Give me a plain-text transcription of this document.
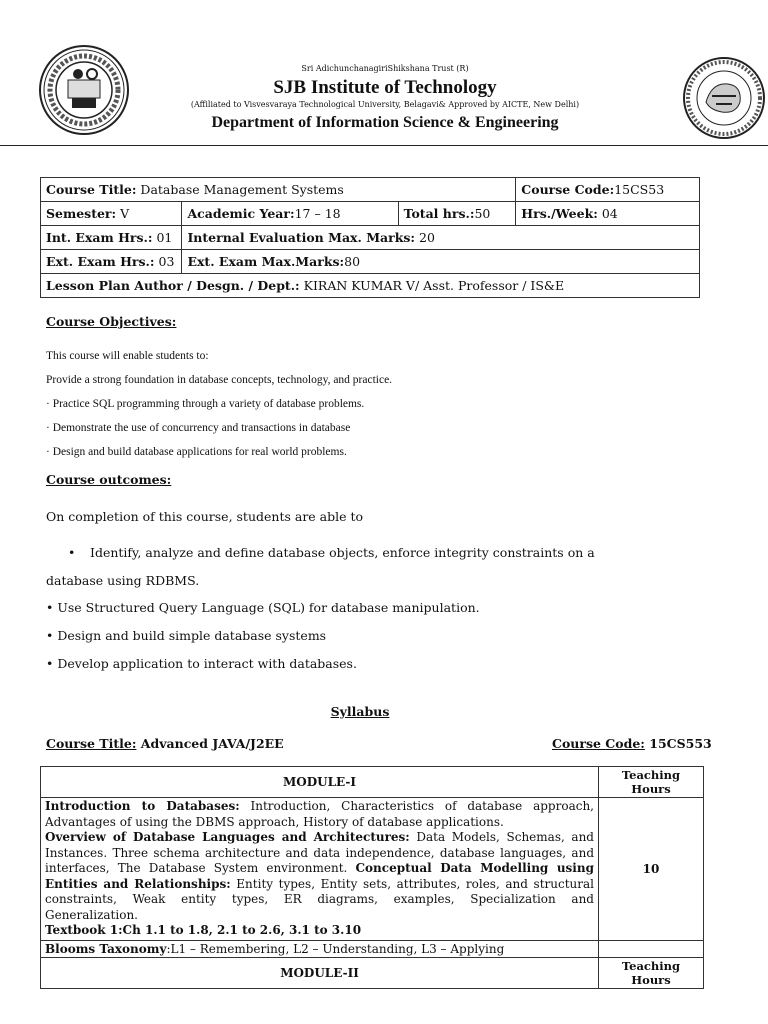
Sri AdichunchanagiriShikshana Trust (R)
SJB Institute of Technology
(Affiliated to Visvesvaraya Technological University, Belagavi& Approved by AICTE, New Delhi)
Department of Information Science & Engineering
Course Title: Database Management Systems			Course Code:15CS53
Semester: V	Academic Year:17 – 18	Total hrs.:50	Hrs./Week: 04
Int. Exam Hrs.: 01	Internal Evaluation Max. Marks: 20		
Ext. Exam Hrs.: 03	Ext. Exam Max.Marks:80		
Lesson Plan Author / Desgn. / Dept.: KIRAN KUMAR V/ Asst. Professor / IS&E			
Course Objectives:
This course will enable students to:
Provide a strong foundation in database concepts, technology, and practice.
· Practice SQL programming through a variety of database problems.
· Demonstrate the use of concurrency and transactions in database
· Design and build database applications for real world problems.
Course outcomes:
On completion of this course, students are able to
• Identify, analyze and define database objects, enforce integrity constraints on a
database using RDBMS.
• Use Structured Query Language (SQL) for database manipulation.
• Design and build simple database systems
• Develop application to interact with databases.
Syllabus
Course Title: Advanced JAVA/J2EE	Course Code: 15CS553
MODULE-I	Teaching Hours
Introduction to Databases: Introduction, Characteristics of database approach, Advantages of using the DBMS approach, History of database applications.
Overview of Database Languages and Architectures: Data Models, Schemas, and Instances. Three schema architecture and data independence, database languages, and interfaces, The Database System environment. Conceptual Data Modelling using Entities and Relationships: Entity types, Entity sets, attributes, roles, and structural constraints, Weak entity types, ER diagrams, examples, Specialization and Generalization.
Textbook 1:Ch 1.1 to 1.8, 2.1 to 2.6, 3.1 to 3.10	10
Blooms Taxonomy:L1 – Remembering, L2 – Understanding, L3 – Applying	
MODULE-II	Teaching Hours
